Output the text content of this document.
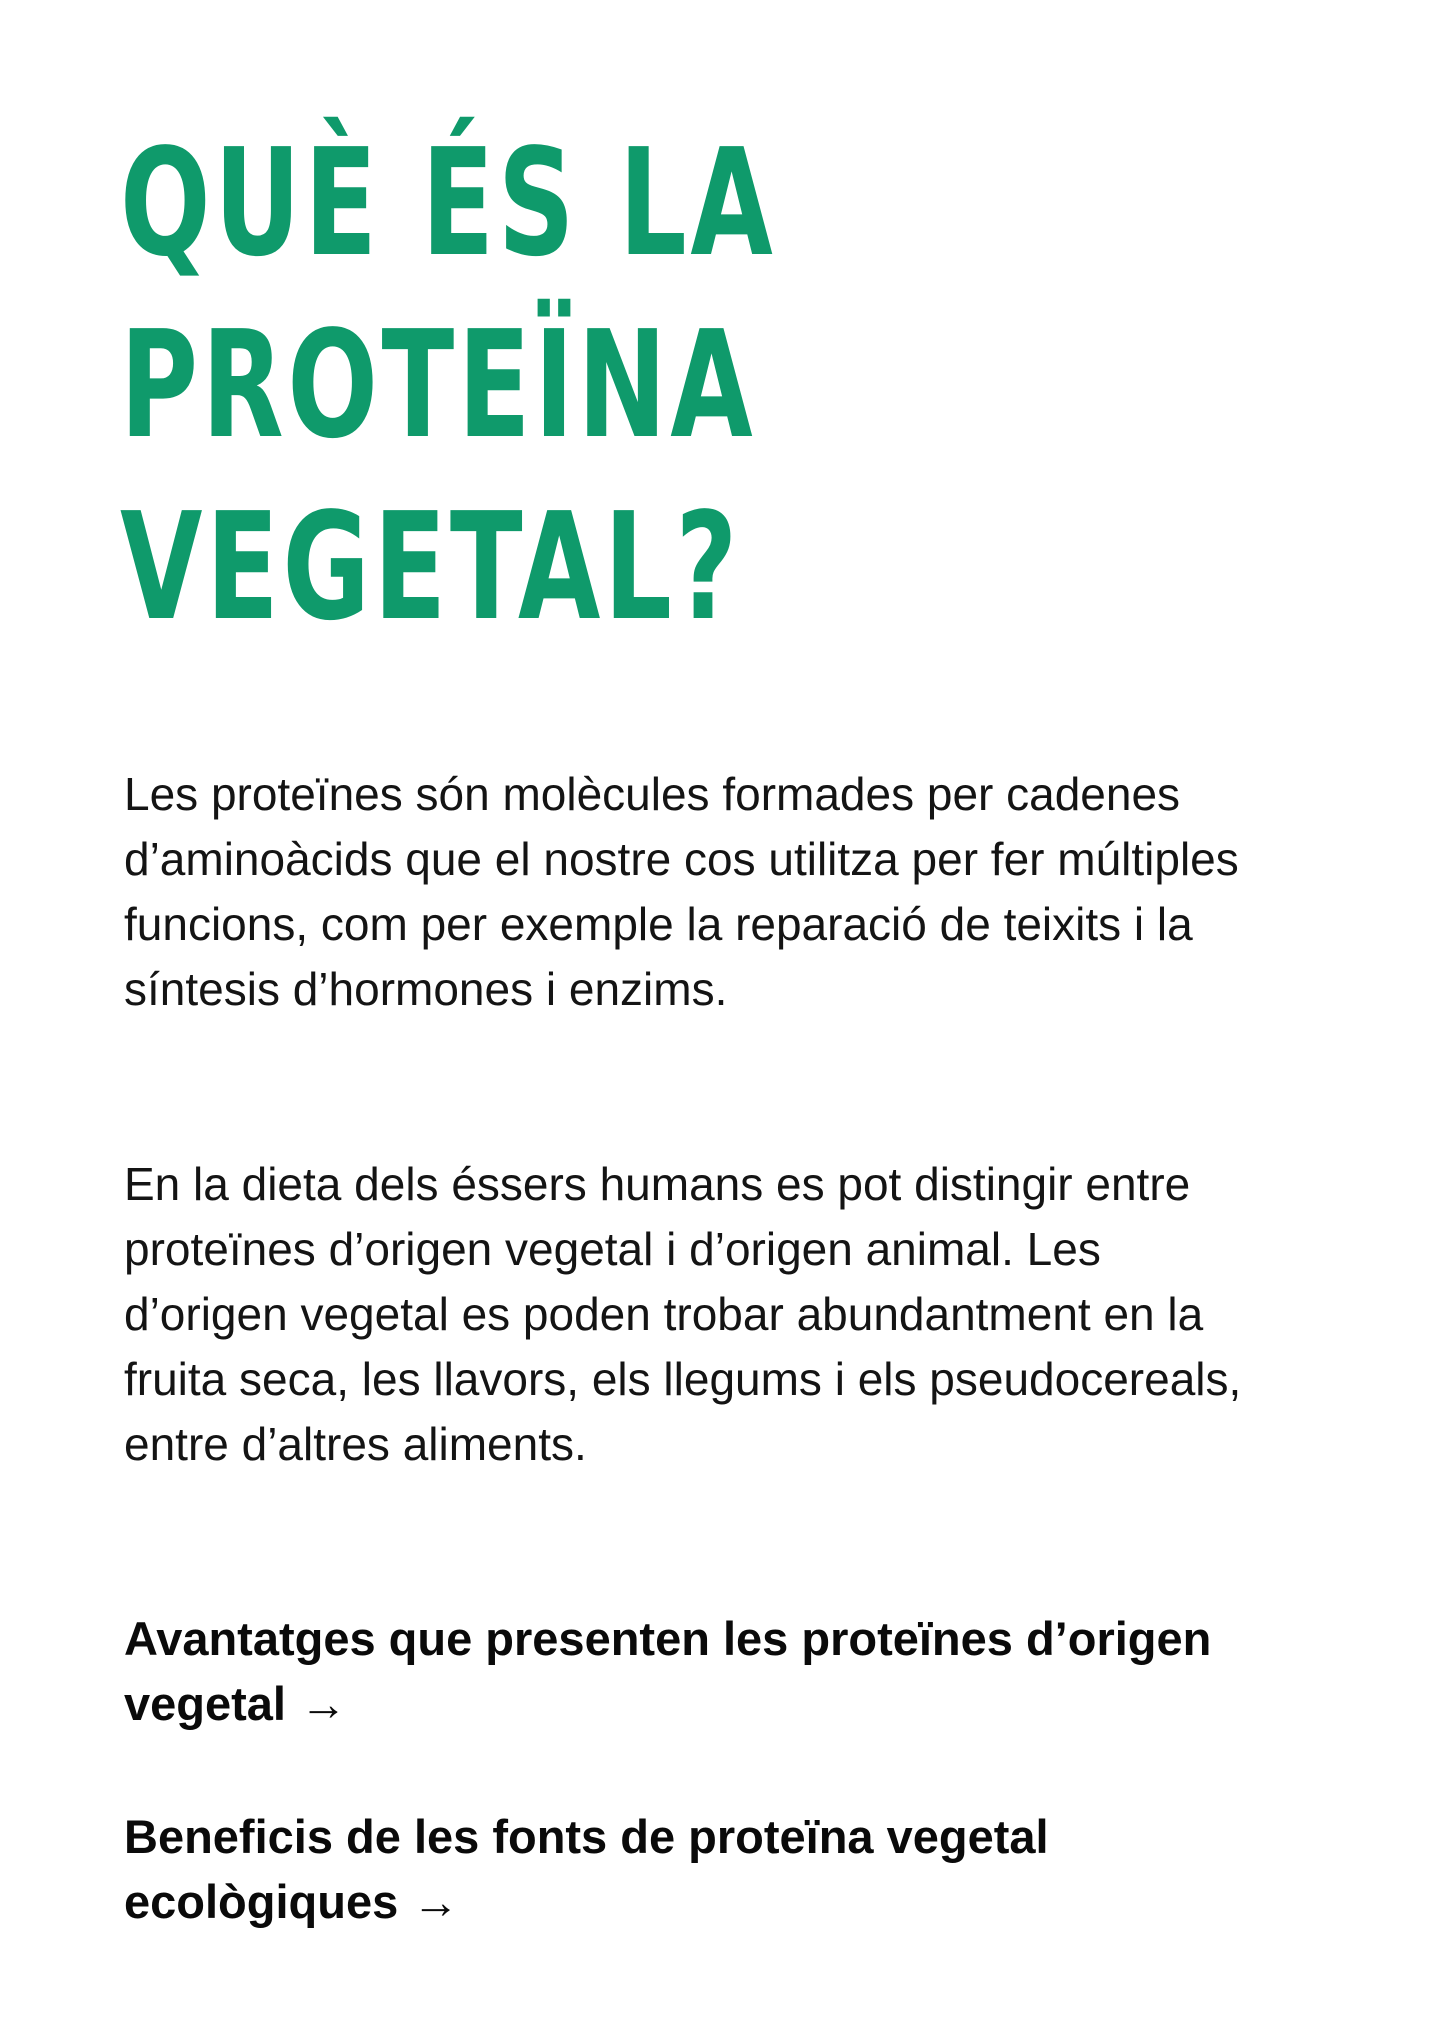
QUÈ ÉS LA
PROTEÏNA
VEGETAL?

Les proteïnes són molècules formades per cadenes d’aminoàcids que el nostre cos utilitza per fer múltiples funcions, com per exemple la reparació de teixits i la síntesis d’hormones i enzims.

En la dieta dels éssers humans es pot distingir entre proteïnes d’origen vegetal i d’origen animal. Les d’origen vegetal es poden trobar abundantment en la fruita seca, les llavors, els llegums i els pseudocereals, entre d’altres aliments.

Avantatges que presenten les proteïnes d’origen vegetal →
Beneficis de les fonts de proteïna vegetal ecològiques →
